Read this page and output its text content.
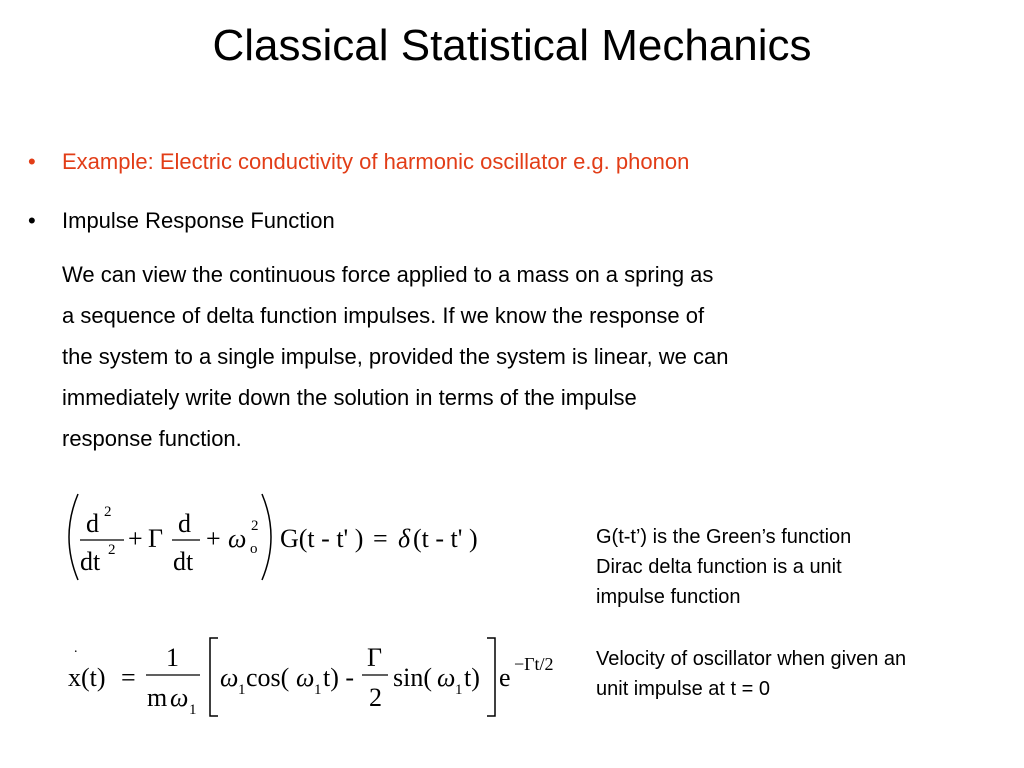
Classical Statistical Mechanics
• Example: Electric conductivity of harmonic oscillator e.g. phonon
• Impulse Response Function
We can view the continuous force applied to a mass on a spring as
a sequence of delta function impulses. If we know the response of
the system to a single impulse, provided the system is linear, we can
immediately write down the solution in terms of the impulse
response function.
d 2
dt 2 + Γ
d
dt
+ ω 2
o G(t - t' ) = δ (t - t' )
.
x(t) =
1
m ω 1
ω 1 cos( ω 1 t) -
Γ
2
sin( ω 1 t) e −Γt/2
G(t-t’) is the Green’s function
Dirac delta function is a unit
impulse function
Velocity of oscillator when given an
unit impulse at t = 0
